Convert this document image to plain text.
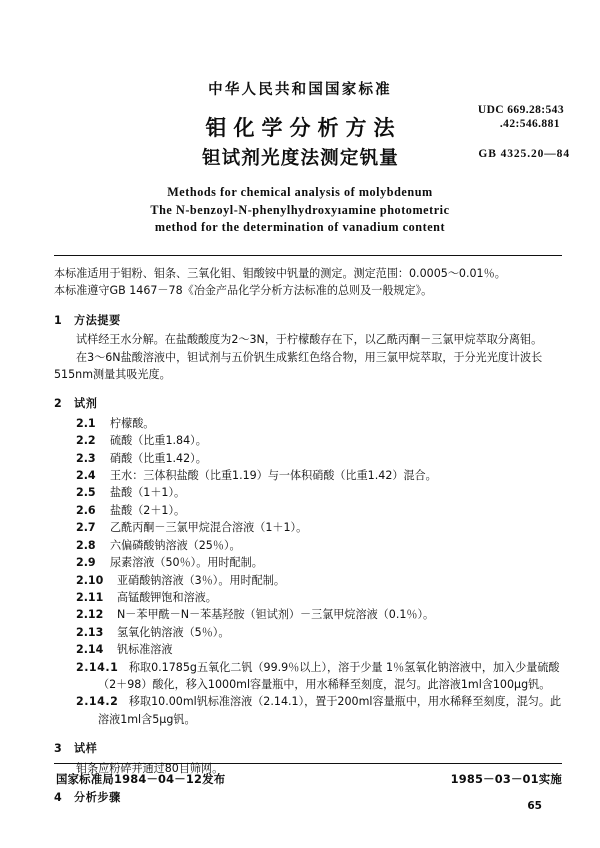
中华人民共和国国家标准
钼化学分析方法
钽试剂光度法测定钒量
UDC 669.28:543
.42:546.881
GB 4325.20—84
Methods for chemical analysis of molybdenum
The N-benzoyl-N-phenylhydroxyıamine photometric
method for the determination of vanadium content

本标准适用于钼粉、钼条、三氧化钼、钼酸铵中钒量的测定。测定范围：0.0005～0.01％。

本标准遵守GB 1467－78《冶金产品化学分析方法标准的总则及一般规定》。

1 方法提要

试样经王水分解。在盐酸酸度为2～3N，于柠檬酸存在下，以乙酰丙酮－三氯甲烷萃取分离钼。

在3～6N盐酸溶液中，钽试剂与五价钒生成紫红色络合物，用三氯甲烷萃取，于分光光度计波长515nm测量其吸光度。

2 试剂
2.1 柠檬酸。
2.2 硫酸（比重1.84）。
2.3 硝酸（比重1.42）。
2.4 王水：三体积盐酸（比重1.19）与一体积硝酸（比重1.42）混合。
2.5 盐酸（1＋1）。
2.6 盐酸（2＋1）。
2.7 乙酰丙酮－三氯甲烷混合溶液（1＋1）。
2.8 六偏磷酸钠溶液（25％）。
2.9 尿素溶液（50％）。用时配制。
2.10 亚硝酸钠溶液（3％）。用时配制。
2.11 高锰酸钾饱和溶液。
2.12 N－苯甲酰－N－苯基羟胺（钽试剂）－三氯甲烷溶液（0.1％）。
2.13 氢氧化钠溶液（5％）。
2.14 钒标准溶液
2.14.1 称取0.1785g五氧化二钒（99.9％以上），溶于少量 1％氢氧化钠溶液中，加入少量硫酸（2＋98）酸化，移入1000ml容量瓶中，用水稀释至刻度，混匀。此溶液1ml含100μg钒。
2.14.2 移取10.00ml钒标准溶液（2.14.1），置于200ml容量瓶中，用水稀释至刻度，混匀。此溶液1ml含5μg钒。
3 试样

钼条应粉碎并通过80目筛网。

4 分析步骤
国家标准局1984－04－12发布	1985－03－01实施
65
